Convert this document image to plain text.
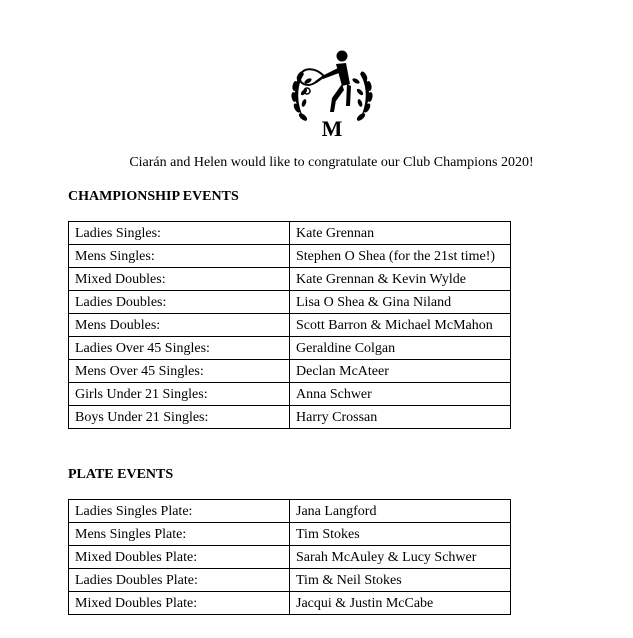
M
Ciarán and Helen would like to congratulate our Club Champions 2020!
CHAMPIONSHIP EVENTS
Ladies Singles:	Kate Grennan
Mens Singles:	Stephen O Shea (for the 21st time!)
Mixed Doubles:	Kate Grennan & Kevin Wylde
Ladies Doubles:	Lisa O Shea & Gina Niland
Mens Doubles:	Scott Barron & Michael McMahon
Ladies Over 45 Singles:	Geraldine Colgan
Mens Over 45 Singles:	Declan McAteer
Girls Under 21 Singles:	Anna Schwer
Boys Under 21 Singles:	Harry Crossan
PLATE EVENTS
Ladies Singles Plate:	Jana Langford
Mens Singles Plate:	Tim Stokes
Mixed Doubles Plate:	Sarah McAuley & Lucy Schwer
Ladies Doubles Plate:	Tim & Neil Stokes
Mixed Doubles Plate:	Jacqui & Justin McCabe
